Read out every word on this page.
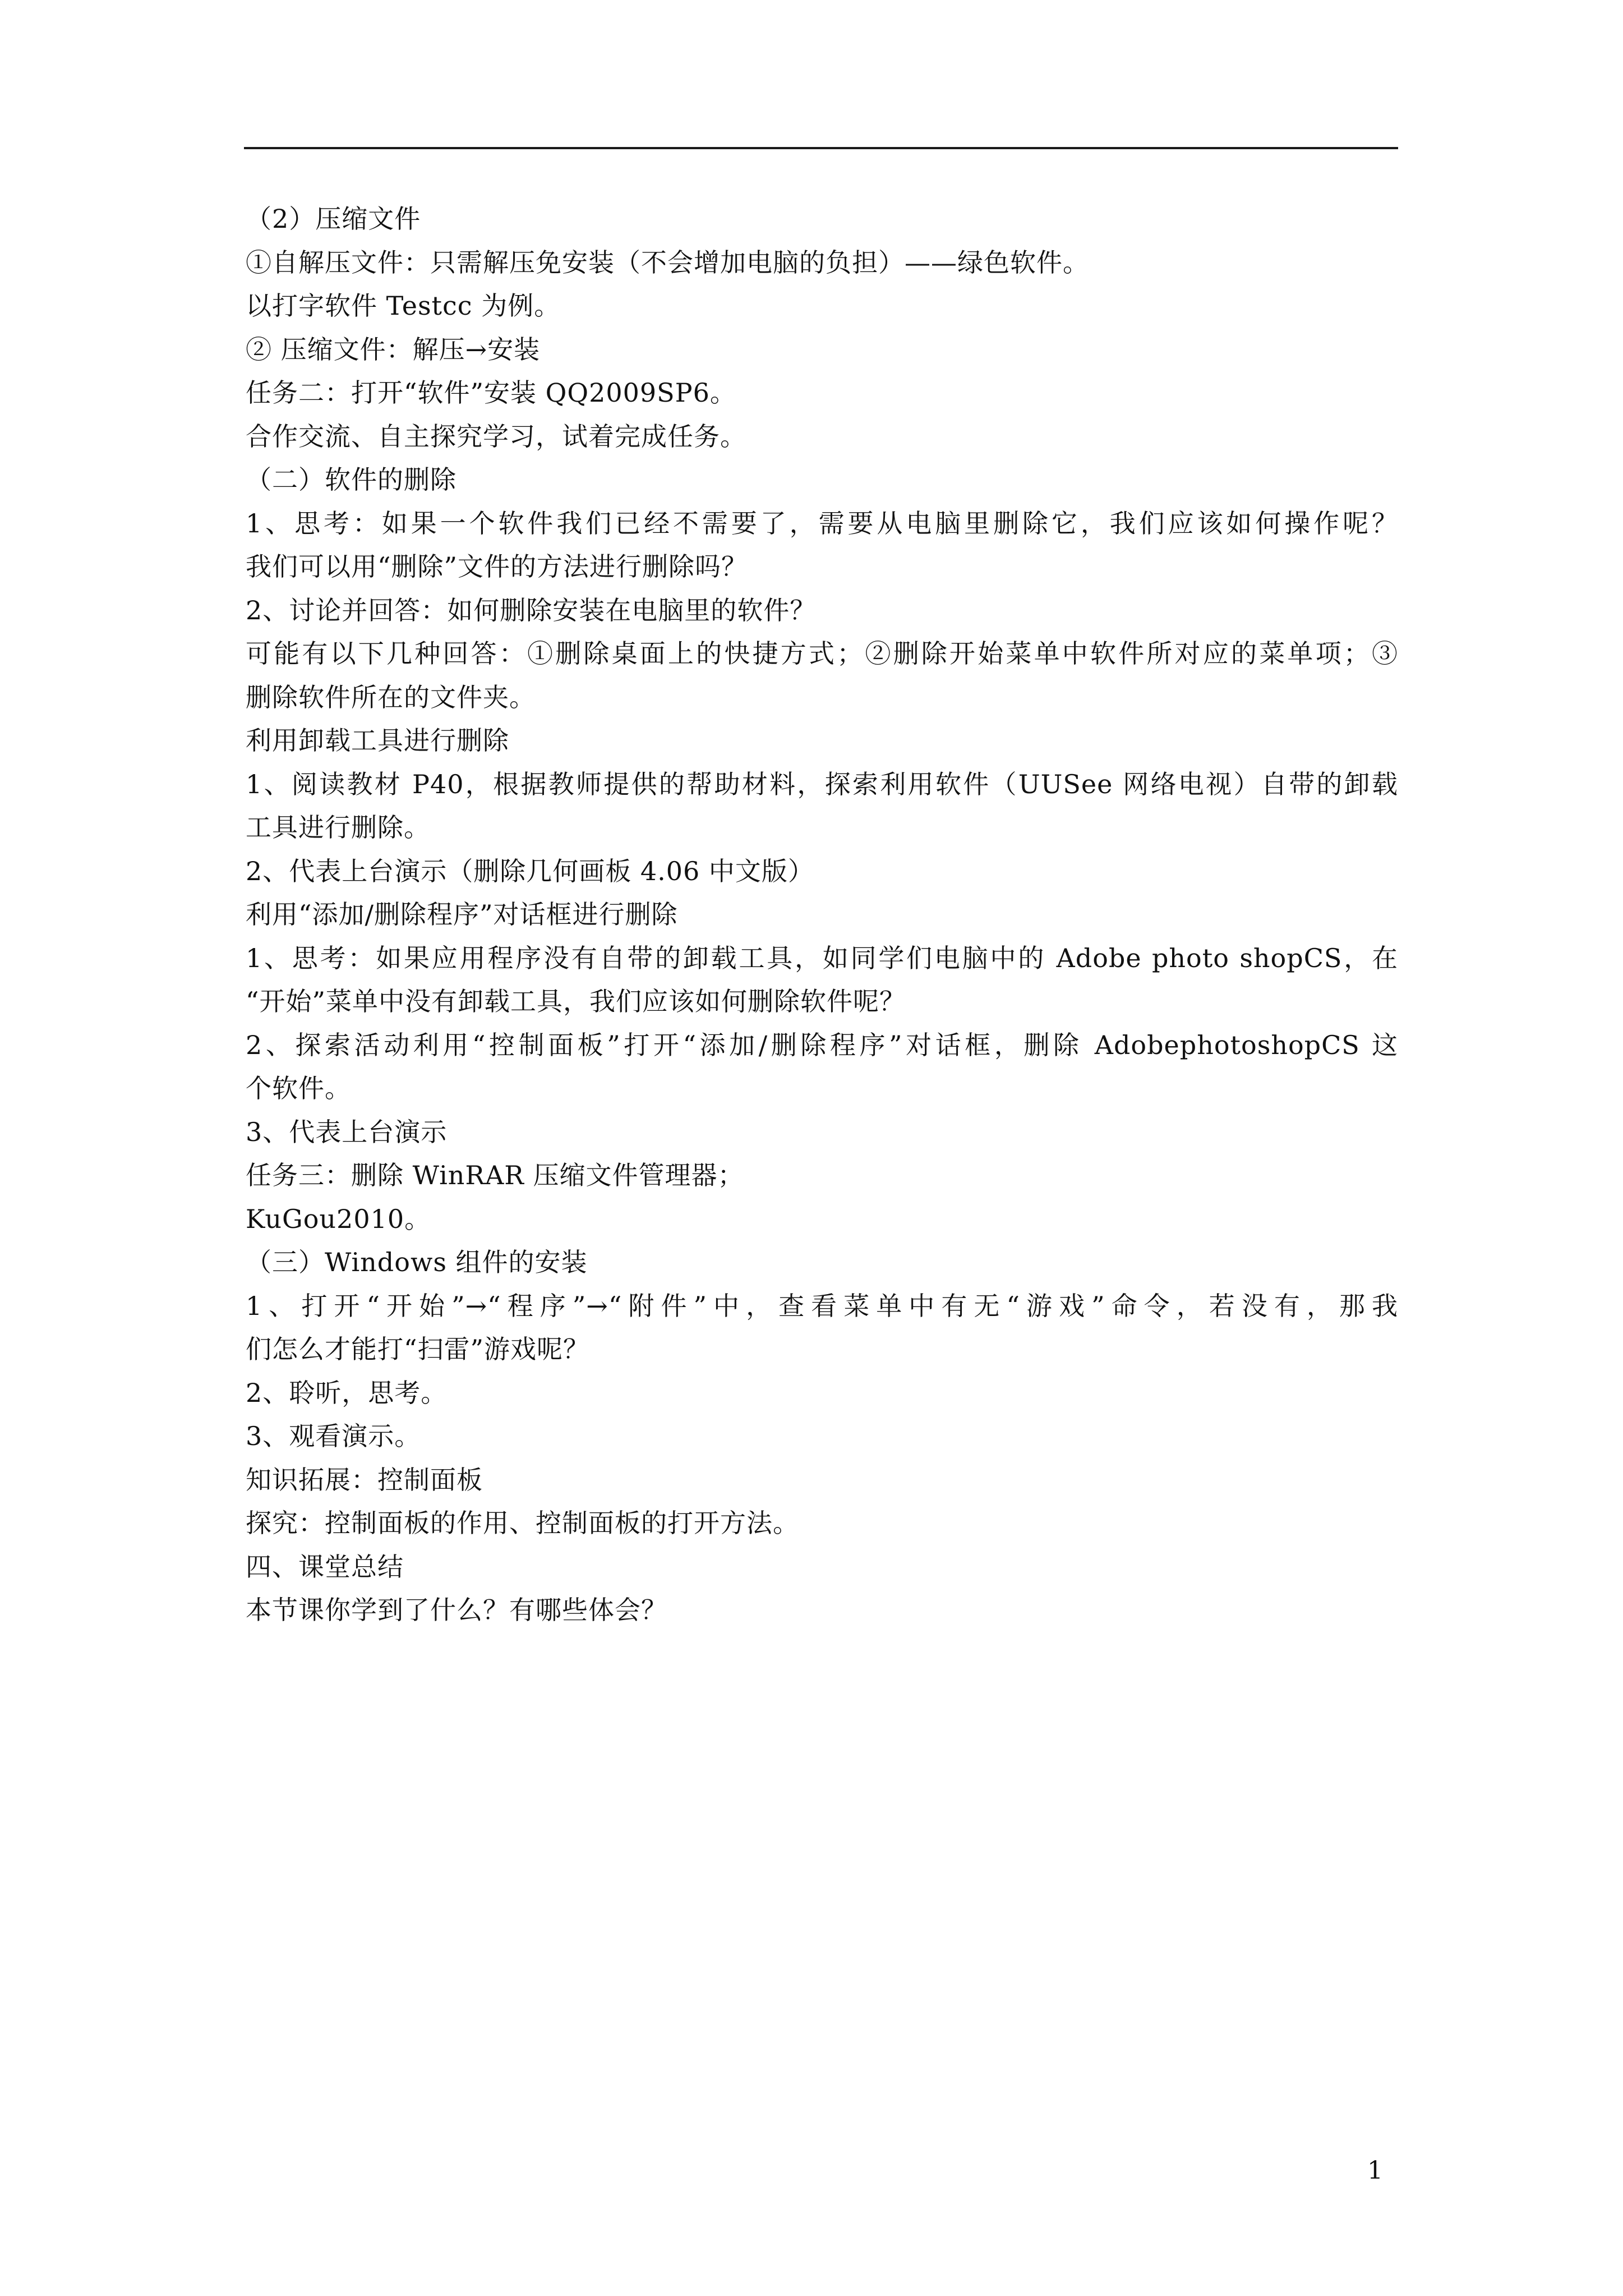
（2）压缩文件
①自解压文件：只需解压免安装（不会增加电脑的负担）——绿色软件。
以打字软件 Testcc 为例。
② 压缩文件：解压→安装
任务二：打开“软件”安装 QQ2009SP6。
合作交流、自主探究学习，试着完成任务。
（二）软件的删除
1、思考：如果一个软件我们已经不需要了，需要从电脑里删除它，我们应该如何操作呢？
我们可以用“删除”文件的方法进行删除吗？
2、讨论并回答：如何删除安装在电脑里的软件？
可能有以下几种回答：①删除桌面上的快捷方式；②删除开始菜单中软件所对应的菜单项；③
删除软件所在的文件夹。
利用卸载工具进行删除
1、阅读教材 P40，根据教师提供的帮助材料，探索利用软件（UUSee 网络电视）自带的卸载
工具进行删除。
2、代表上台演示（删除几何画板 4.06 中文版）
利用“添加/删除程序”对话框进行删除
1、思考：如果应用程序没有自带的卸载工具，如同学们电脑中的 Adobe photo shopCS，在
“开始”菜单中没有卸载工具，我们应该如何删除软件呢？
2、探索活动利用“控制面板”打开“添加/删除程序”对话框，删除 AdobephotoshopCS 这
个软件。
3、代表上台演示
任务三：删除 WinRAR 压缩文件管理器；
KuGou2010。
（三）Windows 组件的安装
1、打开“开始”→“程序”→“附件”中，查看菜单中有无“游戏”命令，若没有，那我
们怎么才能打“扫雷”游戏呢？
2、聆听，思考。
3、观看演示。
知识拓展：控制面板
探究：控制面板的作用、控制面板的打开方法。
四、课堂总结
本节课你学到了什么？有哪些体会？
1
